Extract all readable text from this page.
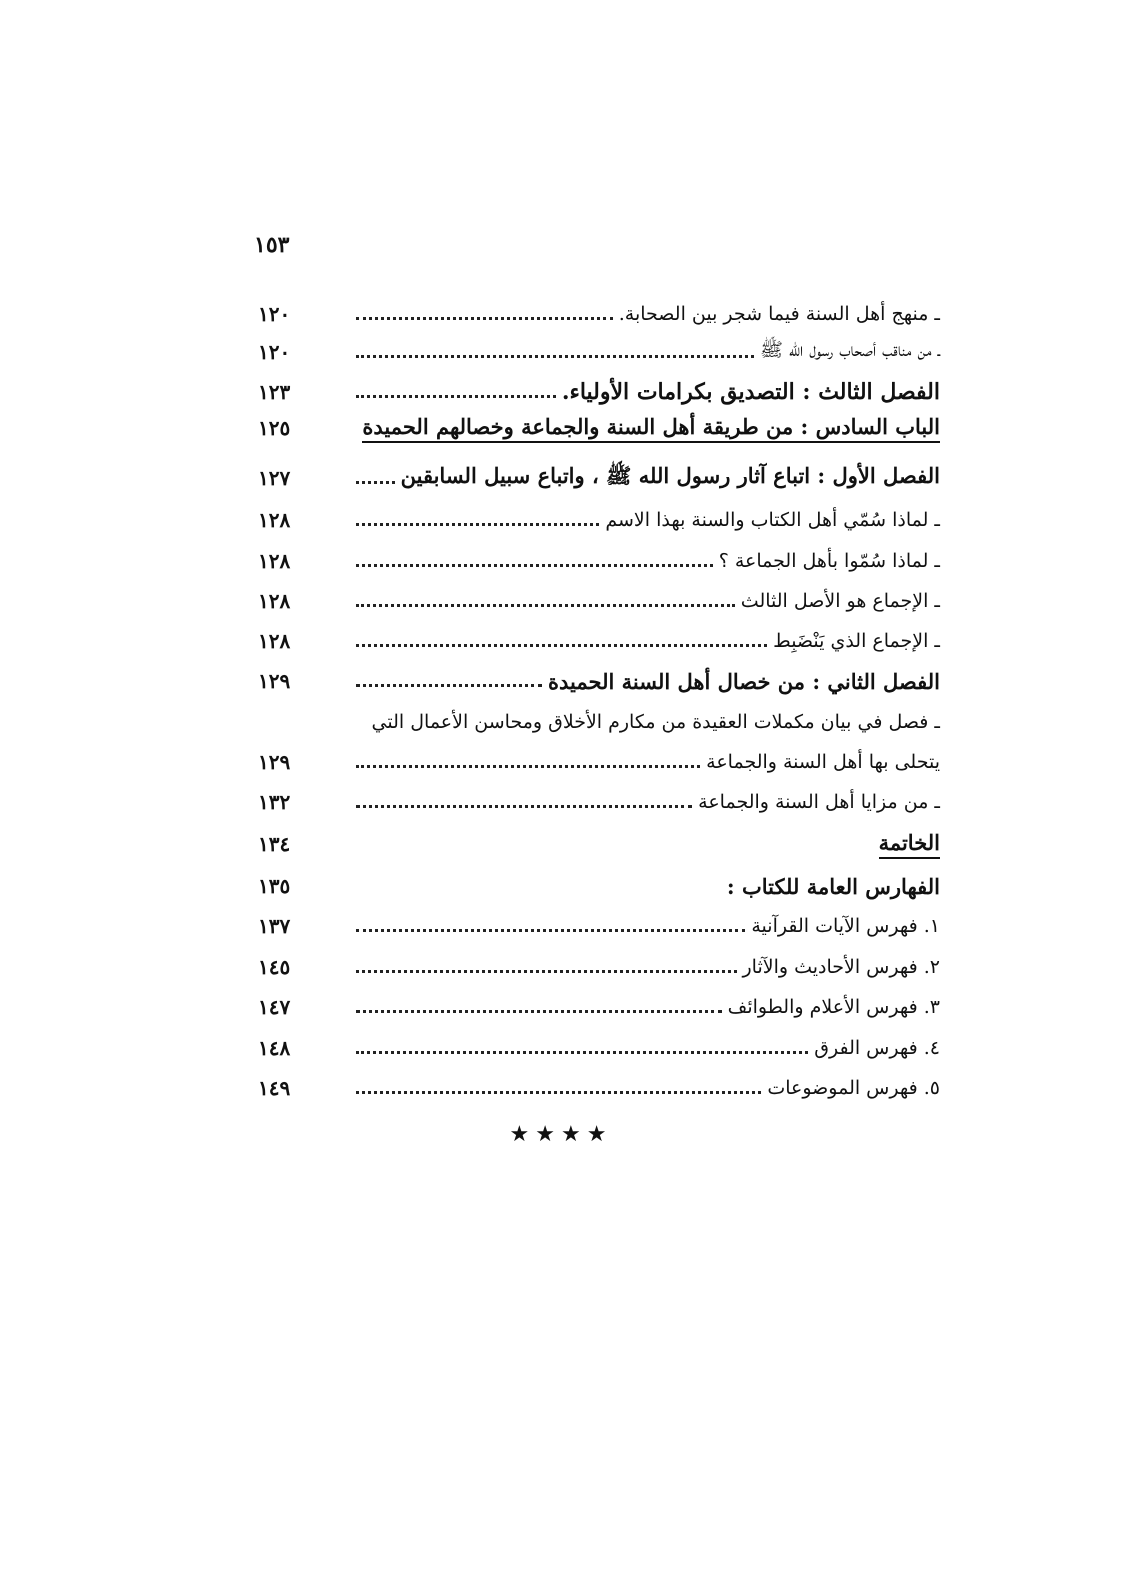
١٥٣
١٢٠	ـ منهج أهل السنة فيما شجر بين الصحابة.
١٢٠	ـ من مناقب أصحاب رسول الله ﷺ
١٢٣	الفصل الثالث : التصديق بكرامات الأولياء.
١٢٥	الباب السادس : من طريقة أهل السنة والجماعة وخصالهم الحميدة
١٢٧	الفصل الأول : اتباع آثار رسول الله ﷺ ، واتباع سبيل السابقين
١٢٨	ـ لماذا سُمّي أهل الكتاب والسنة بهذا الاسم
١٢٨	ـ لماذا سُمّوا بأهل الجماعة ؟
١٢٨	ـ الإجماع هو الأصل الثالث
١٢٨	ـ الإجماع الذي يَنْضَبِط
١٢٩	الفصل الثاني : من خصال أهل السنة الحميدة
ـ فصل في بيان مكملات العقيدة من مكارم الأخلاق ومحاسن الأعمال التي
١٢٩	يتحلى بها أهل السنة والجماعة
١٣٢	ـ من مزايا أهل السنة والجماعة
١٣٤	الخاتمة
١٣٥	الفهارس العامة للكتاب :
١٣٧	١. فهرس الآيات القرآنية
١٤٥	٢. فهرس الأحاديث والآثار
١٤٧	٣. فهرس الأعلام والطوائف
١٤٨	٤. فهرس الفرق
١٤٩	٥. فهرس الموضوعات
★★★★
